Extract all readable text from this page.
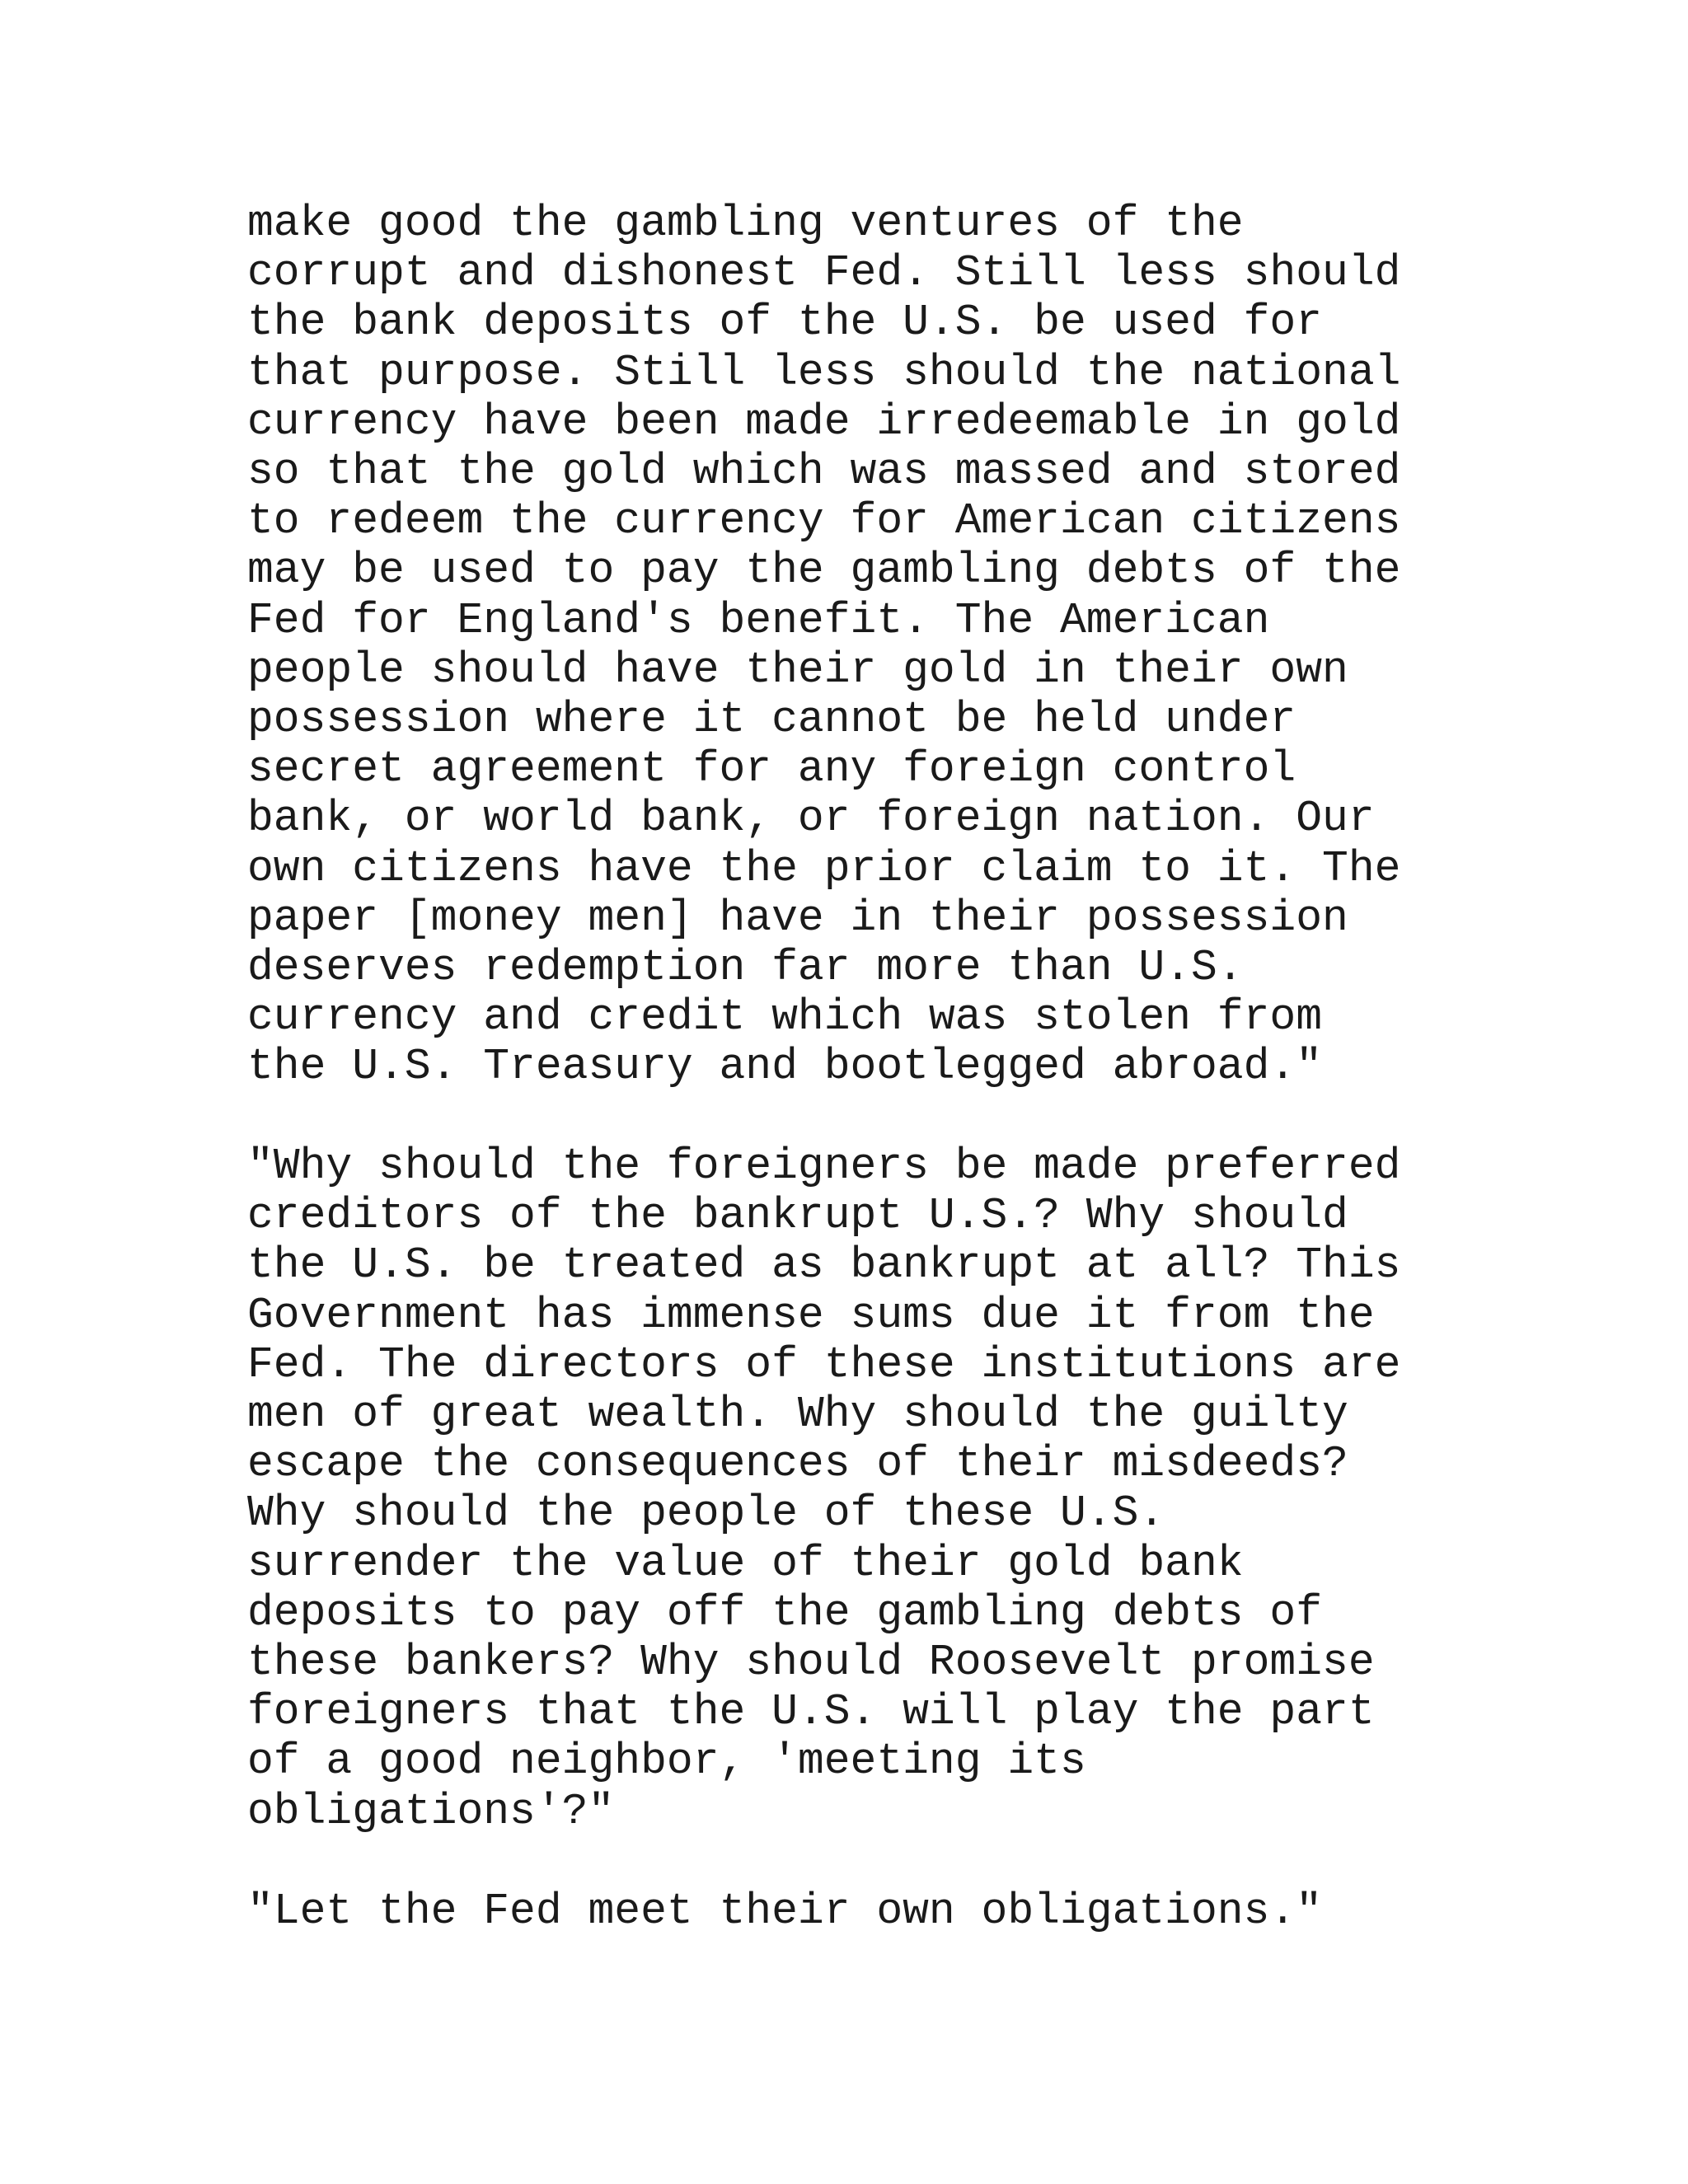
make good the gambling ventures of the
corrupt and dishonest Fed. Still less should
the bank deposits of the U.S. be used for
that purpose. Still less should the national
currency have been made irredeemable in gold
so that the gold which was massed and stored
to redeem the currency for American citizens
may be used to pay the gambling debts of the
Fed for England's benefit. The American
people should have their gold in their own
possession where it cannot be held under
secret agreement for any foreign control
bank, or world bank, or foreign nation. Our
own citizens have the prior claim to it. The
paper [money men] have in their possession
deserves redemption far more than U.S.
currency and credit which was stolen from
the U.S. Treasury and bootlegged abroad."
"Why should the foreigners be made preferred
creditors of the bankrupt U.S.? Why should
the U.S. be treated as bankrupt at all? This
Government has immense sums due it from the
Fed. The directors of these institutions are
men of great wealth. Why should the guilty
escape the consequences of their misdeeds?
Why should the people of these U.S.
surrender the value of their gold bank
deposits to pay off the gambling debts of
these bankers? Why should Roosevelt promise
foreigners that the U.S. will play the part
of a good neighbor, 'meeting its
obligations'?"
"Let the Fed meet their own obligations."
